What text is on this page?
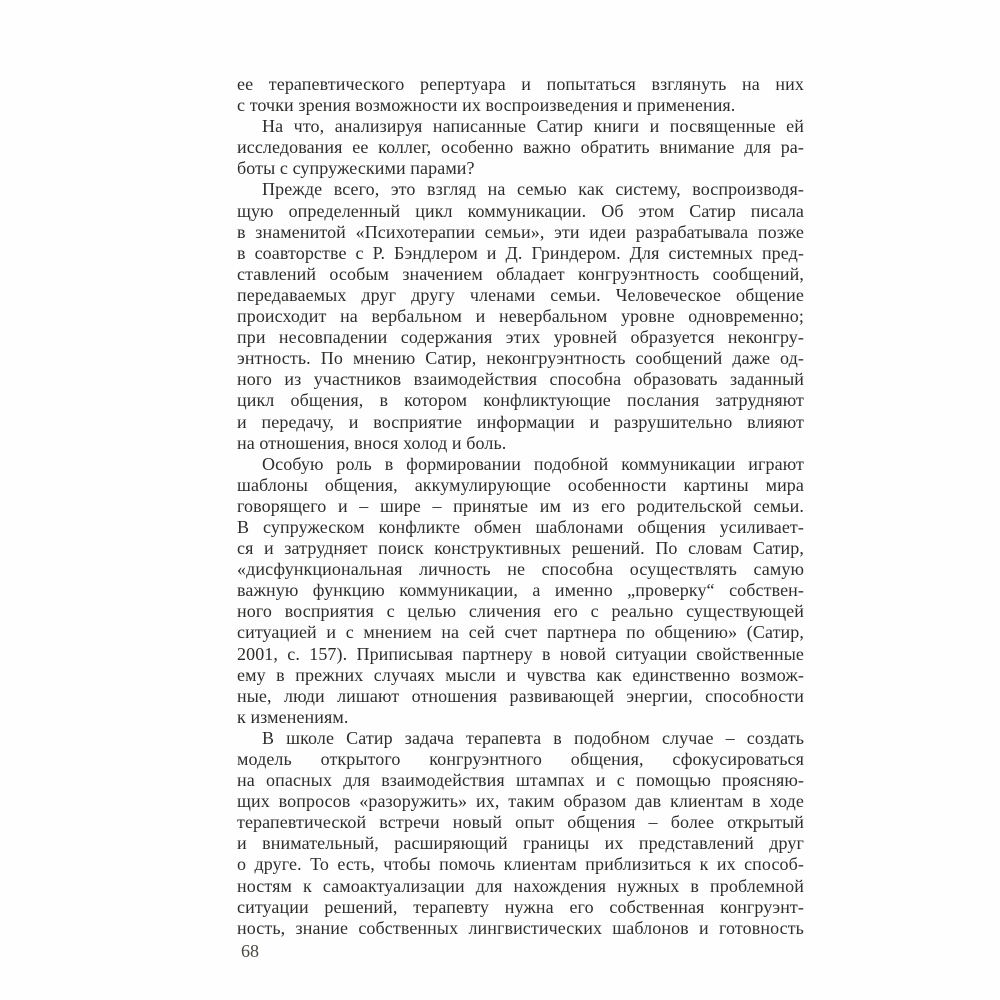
ее терапевтического репертуара и попытаться взглянуть на них
с точки зрения возможности их воспроизведения и применения.
На что, анализируя написанные Сатир книги и посвященные ей
исследования ее коллег, особенно важно обратить внимание для ра-
боты с супружескими парами?
Прежде всего, это взгляд на семью как систему, воспроизводя-
щую определенный цикл коммуникации. Об этом Сатир писала
в знаменитой «Психотерапии семьи», эти идеи разрабатывала позже
в соавторстве с Р. Бэндлером и Д. Гриндером. Для системных пред-
ставлений особым значением обладает конгруэнтность сообщений,
передаваемых друг другу членами семьи. Человеческое общение
происходит на вербальном и невербальном уровне одновременно;
при несовпадении содержания этих уровней образуется неконгру-
энтность. По мнению Сатир, неконгруэнтность сообщений даже од-
ного из участников взаимодействия способна образовать заданный
цикл общения, в котором конфликтующие послания затрудняют
и передачу, и восприятие информации и разрушительно влияют
на отношения, внося холод и боль.
Особую роль в формировании подобной коммуникации играют
шаблоны общения, аккумулирующие особенности картины мира
говорящего и – шире – принятые им из его родительской семьи.
В супружеском конфликте обмен шаблонами общения усиливает-
ся и затрудняет поиск конструктивных решений. По словам Сатир,
«дисфункциональная личность не способна осуществлять самую
важную функцию коммуникации, а именно „проверку“ собствен-
ного восприятия с целью сличения его с реально существующей
ситуацией и с мнением на сей счет партнера по общению» (Сатир,
2001, с. 157). Приписывая партнеру в новой ситуации свойственные
ему в прежних случаях мысли и чувства как единственно возмож-
ные, люди лишают отношения развивающей энергии, способности
к изменениям.
В школе Сатир задача терапевта в подобном случае – создать
модель открытого конгруэнтного общения, сфокусироваться
на опасных для взаимодействия штампах и с помощью проясняю-
щих вопросов «разоружить» их, таким образом дав клиентам в ходе
терапевтической встречи новый опыт общения – более открытый
и внимательный, расширяющий границы их представлений друг
о друге. То есть, чтобы помочь клиентам приблизиться к их способ-
ностям к самоактуализации для нахождения нужных в проблемной
ситуации решений, терапевту нужна его собственная конгруэнт-
ность, знание собственных лингвистических шаблонов и готовность
68
